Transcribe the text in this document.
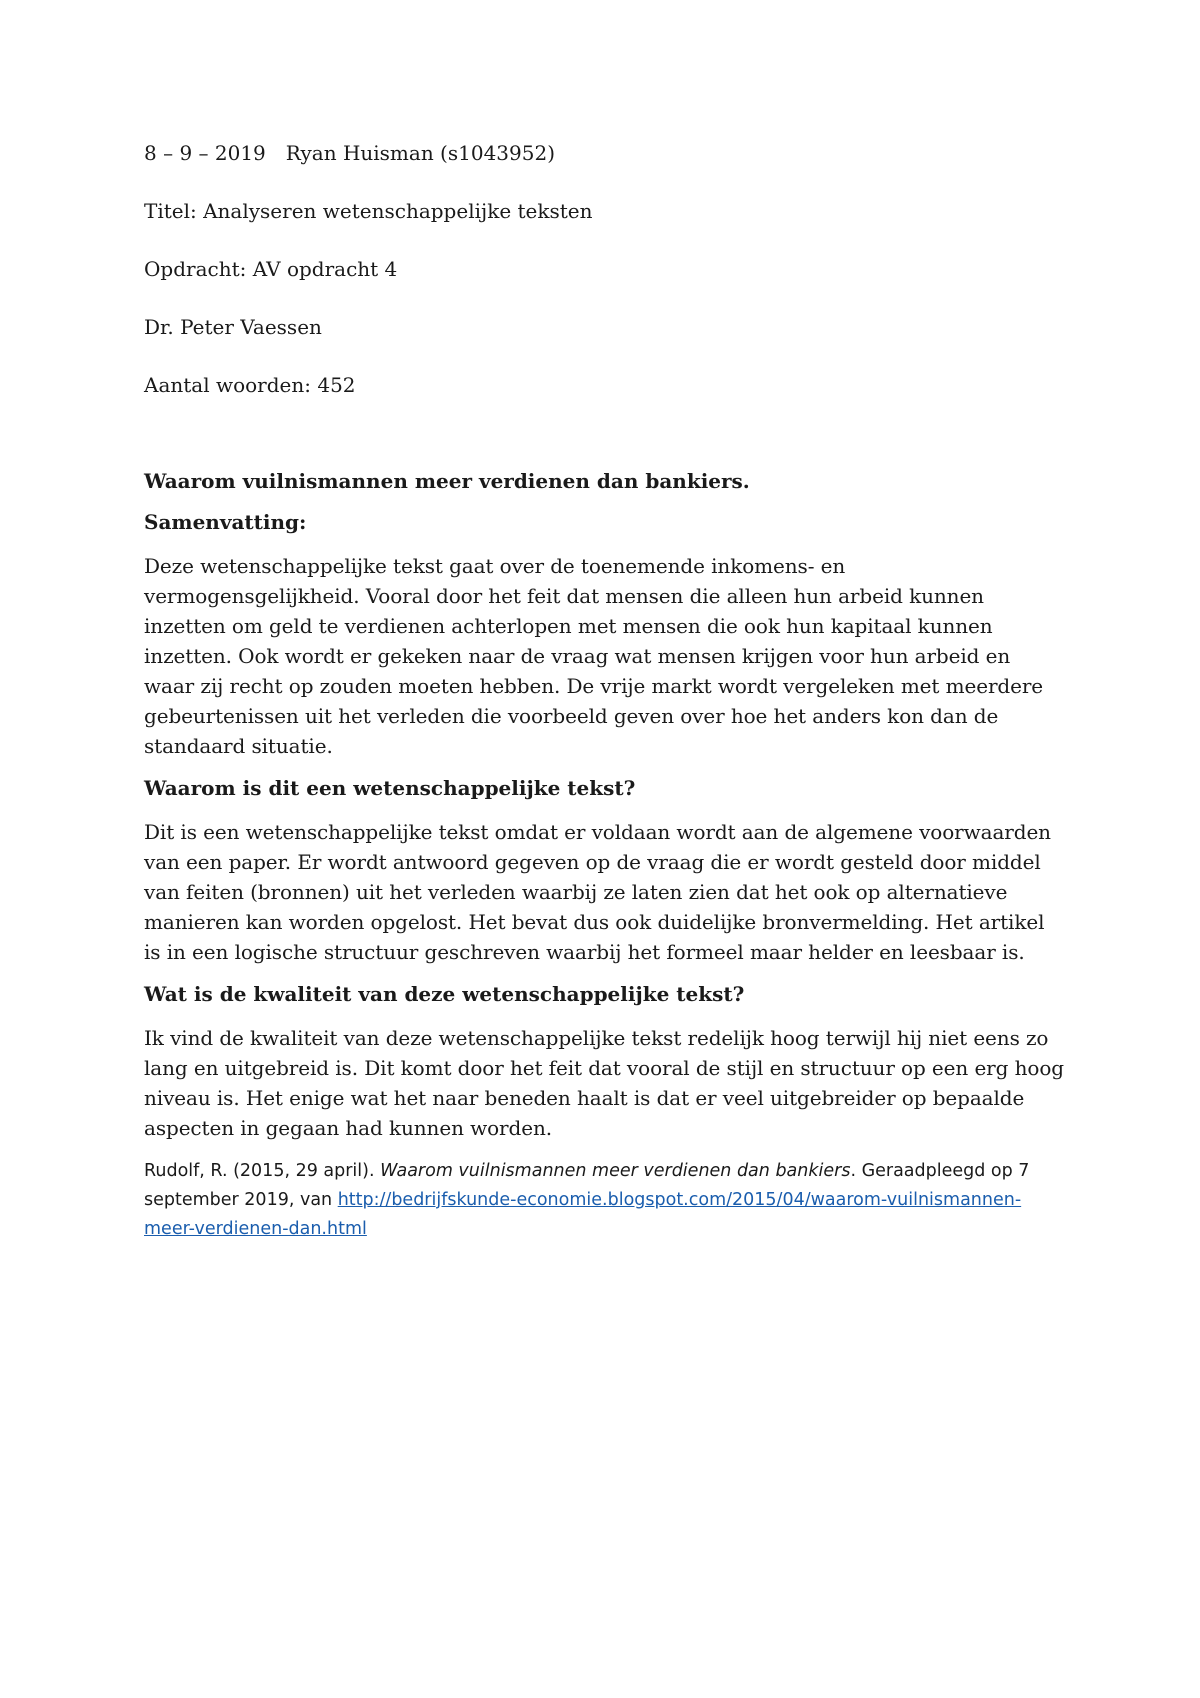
8 – 9 – 2019 Ryan Huisman (s1043952)
Titel: Analyseren wetenschappelijke teksten
Opdracht: AV opdracht 4
Dr. Peter Vaessen
Aantal woorden: 452
Waarom vuilnismannen meer verdienen dan bankiers.
Samenvatting:

Deze wetenschappelijke tekst gaat over de toenemende inkomens- en vermogensgelijkheid. Vooral door het feit dat mensen die alleen hun arbeid kunnen inzetten om geld te verdienen achterlopen met mensen die ook hun kapitaal kunnen inzetten. Ook wordt er gekeken naar de vraag wat mensen krijgen voor hun arbeid en waar zij recht op zouden moeten hebben. De vrije markt wordt vergeleken met meerdere gebeurtenissen uit het verleden die voorbeeld geven over hoe het anders kon dan de standaard situatie.

Waarom is dit een wetenschappelijke tekst?

Dit is een wetenschappelijke tekst omdat er voldaan wordt aan de algemene voorwaarden van een paper. Er wordt antwoord gegeven op de vraag die er wordt gesteld door middel van feiten (bronnen) uit het verleden waarbij ze laten zien dat het ook op alternatieve manieren kan worden opgelost. Het bevat dus ook duidelijke bronvermelding. Het artikel is in een logische structuur geschreven waarbij het formeel maar helder en leesbaar is.

Wat is de kwaliteit van deze wetenschappelijke tekst?

Ik vind de kwaliteit van deze wetenschappelijke tekst redelijk hoog terwijl hij niet eens zo lang en uitgebreid is. Dit komt door het feit dat vooral de stijl en structuur op een erg hoog niveau is. Het enige wat het naar beneden haalt is dat er veel uitgebreider op bepaalde aspecten in gegaan had kunnen worden.

Rudolf, R. (2015, 29 april). Waarom vuilnismannen meer verdienen dan bankiers. Geraadpleegd op 7 september 2019, van http://bedrijfskunde-economie.blogspot.com/2015/04/waarom-vuilnismannen-meer-verdienen-dan.html
